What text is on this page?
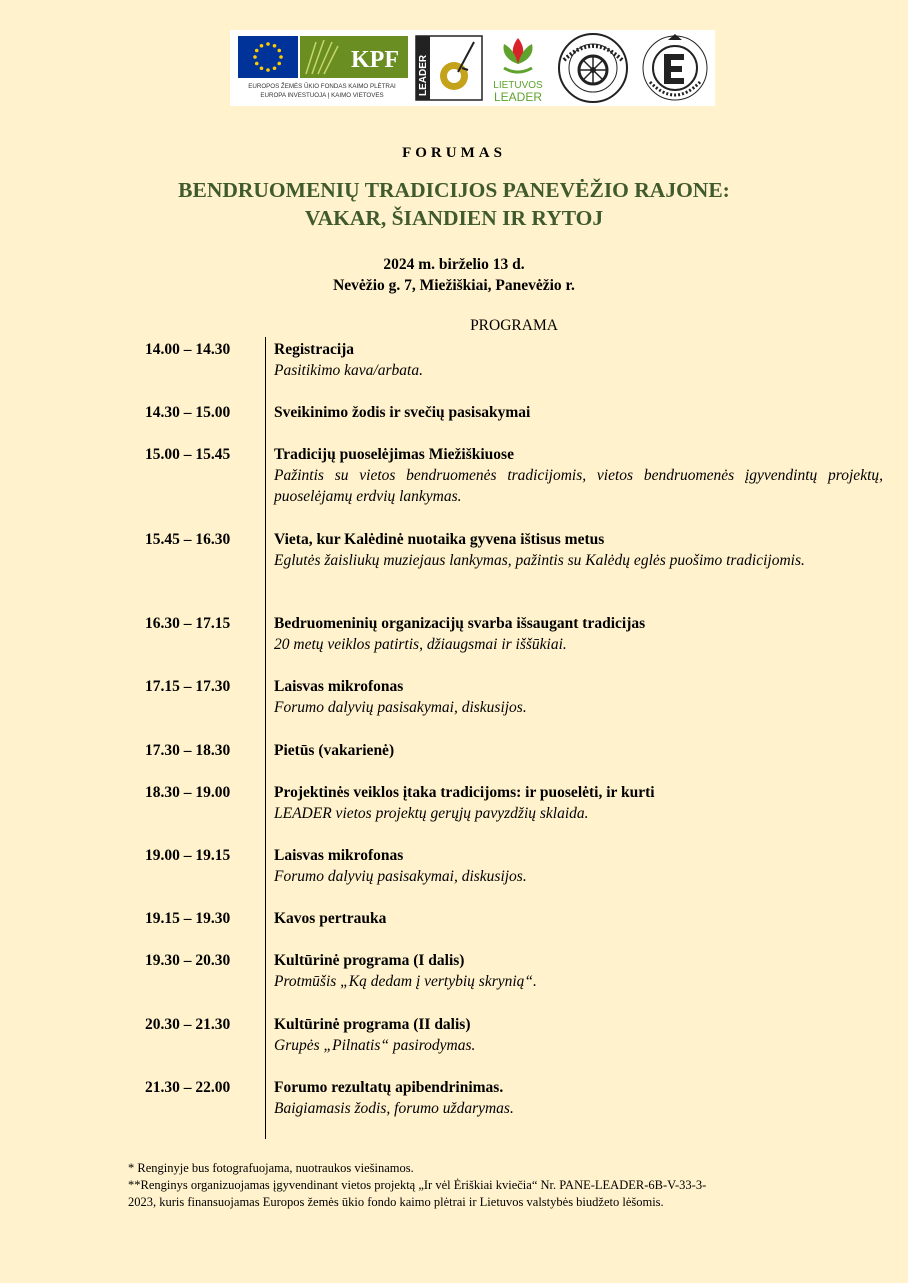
KPF
EUROPOS ŽEMĖS ŪKIO FONDAS KAIMO PLĖTRAI
EUROPA INVESTUOJA Į KAIMO VIETOVES	LEADER	LIETUVOS
LEADER
FORUMAS
BENDRUOMENIŲ TRADICIJOS PANEVĖŽIO RAJONE:
VAKAR, ŠIANDIEN IR RYTOJ
2024 m. birželio 13 d.
Nevėžio g. 7, Miežiškiai, Panevėžio r.
PROGRAMA
14.00 – 14.30	Registracija
Pasitikimo kava/arbata.
14.30 – 15.00	Sveikinimo žodis ir svečių pasisakymai
15.00 – 15.45	Tradicijų puoselėjimas Miežiškiuose
Pažintis su vietos bendruomenės tradicijomis, vietos bendruomenės įgyvendintų projektų, puoselėjamų erdvių lankymas.
15.45 – 16.30	Vieta, kur Kalėdinė nuotaika gyvena ištisus metus
Eglutės žaisliukų muziejaus lankymas, pažintis su Kalėdų eglės puošimo tradicijomis.
16.30 – 17.15	Bedruomeninių organizacijų svarba išsaugant tradicijas
20 metų veiklos patirtis, džiaugsmai ir iššūkiai.
17.15 – 17.30	Laisvas mikrofonas
Forumo dalyvių pasisakymai, diskusijos.
17.30 – 18.30	Pietūs (vakarienė)
18.30 – 19.00	Projektinės veiklos įtaka tradicijoms: ir puoselėti, ir kurti
LEADER vietos projektų gerųjų pavyzdžių sklaida.
19.00 – 19.15	Laisvas mikrofonas
Forumo dalyvių pasisakymai, diskusijos.
19.15 – 19.30	Kavos pertrauka
19.30 – 20.30	Kultūrinė programa (I dalis)
Protmūšis „Ką dedam į vertybių skrynią“.
20.30 – 21.30	Kultūrinė programa (II dalis)
Grupės „Pilnatis“ pasirodymas.
21.30 – 22.00	Forumo rezultatų apibendrinimas.
Baigiamasis žodis, forumo uždarymas.
* Renginyje bus fotografuojama, nuotraukos viešinamos.
**Renginys organizuojamas įgyvendinant vietos projektą „Ir vėl Ėriškiai kviečia“ Nr. PANE-LEADER-6B-V-33-3-
2023, kuris finansuojamas Europos žemės ūkio fondo kaimo plėtrai ir Lietuvos valstybės biudžeto lėšomis.
